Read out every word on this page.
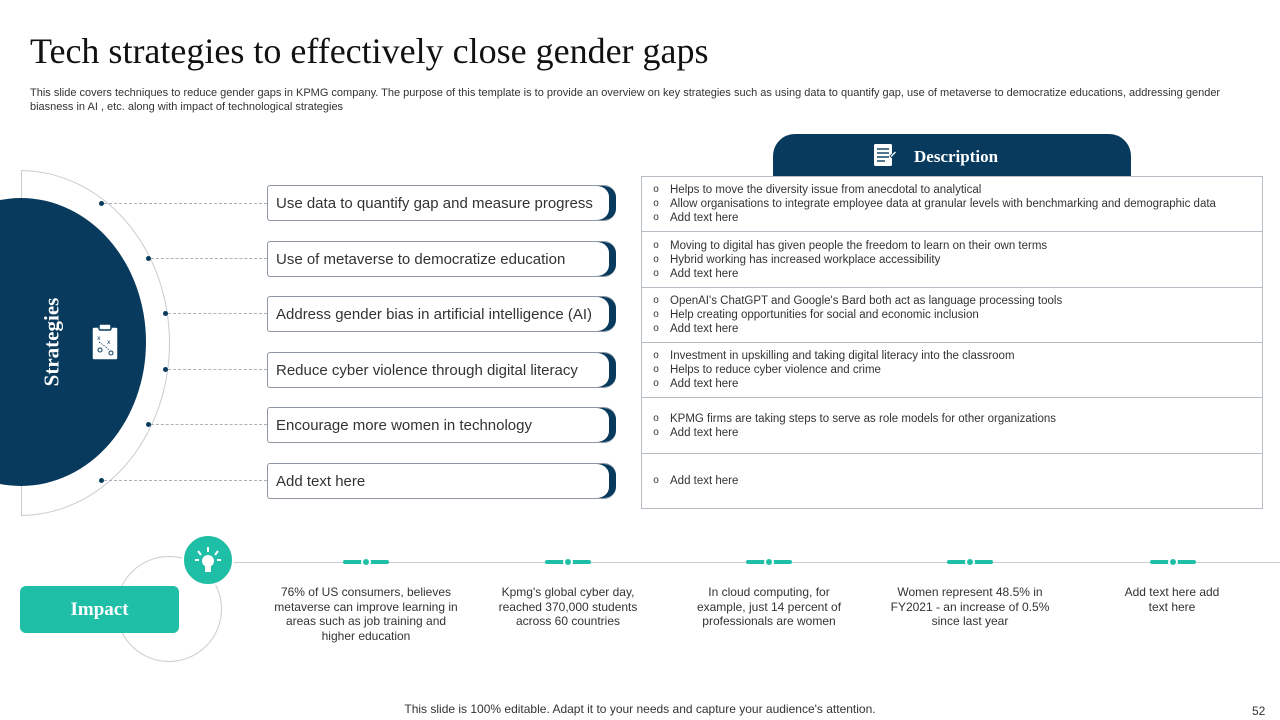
Tech strategies to effectively close gender gaps
This slide covers techniques to reduce gender gaps in KPMG company. The purpose of this template is to provide an overview on key strategies such as using data to quantify gap, use of metaverse to democratize educations, addressing gender biasness in AI , etc. along with impact of technological strategies
Strategies	x
x
Use data to quantify gap and measure progress
Use of metaverse to democratize education
Address gender bias in artificial intelligence (AI)
Reduce cyber violence through digital literacy
Encourage more women in technology
Add text here
Description
o Helps to move the diversity issue from anecdotal to analytical
o Allow organisations to integrate employee data at granular levels with benchmarking and demographic data
o Add text here
o Moving to digital has given people the freedom to learn on their own terms
o Hybrid working has increased workplace accessibility
o Add text here
o OpenAI's ChatGPT and Google's Bard both act as language processing tools
o Help creating opportunities for social and economic inclusion
o Add text here
o Investment in upskilling and taking digital literacy into the classroom
o Helps to reduce cyber violence and crime
o Add text here
o KPMG firms are taking steps to serve as role models for other organizations
o Add text here
o Add text here
Impact
76% of US consumers, believes metaverse can improve learning in areas such as job training and higher education
Kpmg's global cyber day, reached 370,000 students across 60 countries
In cloud computing, for example, just 14 percent of professionals are women
Women represent 48.5% in FY2021 - an increase of 0.5% since last year
Add text here add text here
This slide is 100% editable. Adapt it to your needs and capture your audience's attention.	52
